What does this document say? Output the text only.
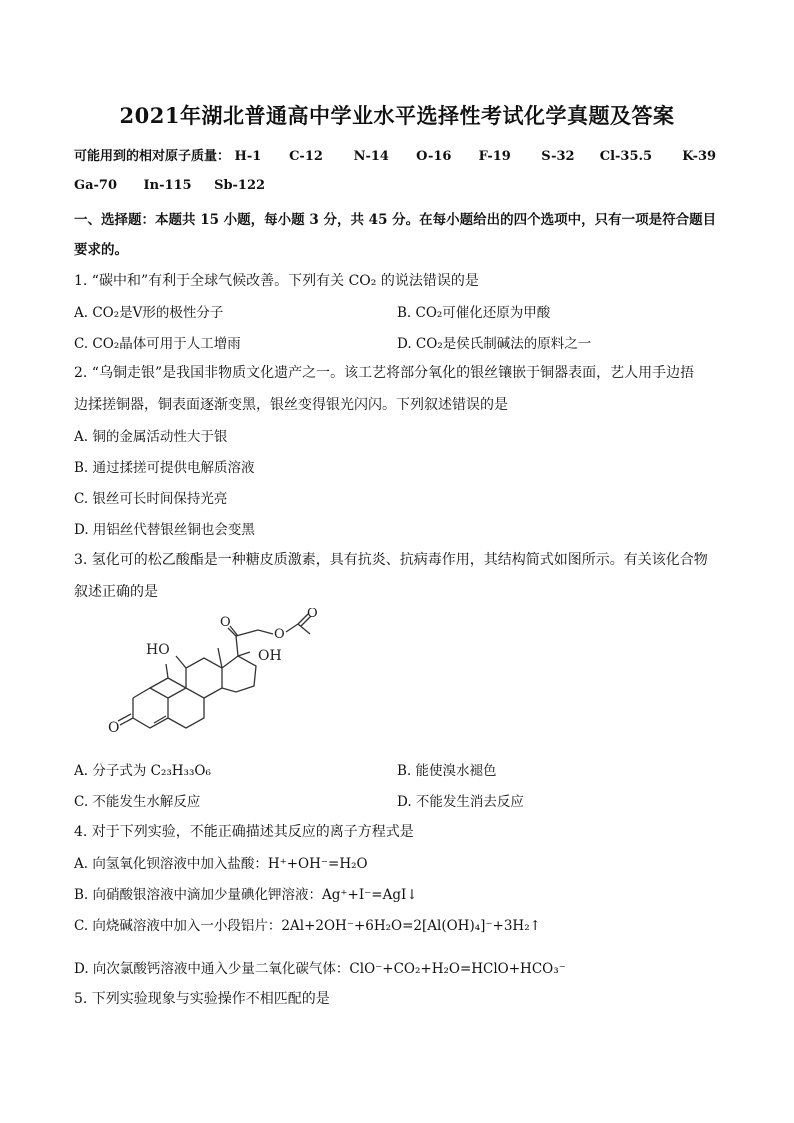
2021年湖北普通高中学业水平选择性考试化学真题及答案
可能用到的相对原子质量： H-1 C-12 N-14 O-16 F-19 S-32 Cl-35.5 K-39
Ga-70 In-115 Sb-122
一、选择题：本题共 15 小题，每小题 3 分，共 45 分。在每小题给出的四个选项中，只有一项是符合题目
要求的。
1. “碳中和”有利于全球气候改善。下列有关 CO₂ 的说法错误的是
A. CO₂是V形的极性分子	B. CO₂可催化还原为甲酸
C. CO₂晶体可用于人工增雨	D. CO₂是侯氏制碱法的原料之一
2. “乌铜走银”是我国非物质文化遗产之一。该工艺将部分氧化的银丝镶嵌于铜器表面，艺人用手边捂
边揉搓铜器，铜表面逐渐变黑，银丝变得银光闪闪。下列叙述错误的是
A. 铜的金属活动性大于银
B. 通过揉搓可提供电解质溶液
C. 银丝可长时间保持光亮
D. 用铝丝代替银丝铜也会变黑
3. 氢化可的松乙酸酯是一种糖皮质激素，具有抗炎、抗病毒作用，其结构简式如图所示。有关该化合物
叙述正确的是
HO	OH
O
O
O
O
A. 分子式为 C₂₃H₃₃O₆	B. 能使溴水褪色
C. 不能发生水解反应	D. 不能发生消去反应
4. 对于下列实验，不能正确描述其反应的离子方程式是
A. 向氢氧化钡溶液中加入盐酸：H⁺+OH⁻=H₂O
B. 向硝酸银溶液中滴加少量碘化钾溶液：Ag⁺+I⁻=AgI↓
C. 向烧碱溶液中加入一小段铝片：2Al+2OH⁻+6H₂O=2[Al(OH)₄]⁻+3H₂↑
D. 向次氯酸钙溶液中通入少量二氧化碳气体：ClO⁻+CO₂+H₂O=HClO+HCO₃⁻
5. 下列实验现象与实验操作不相匹配的是
